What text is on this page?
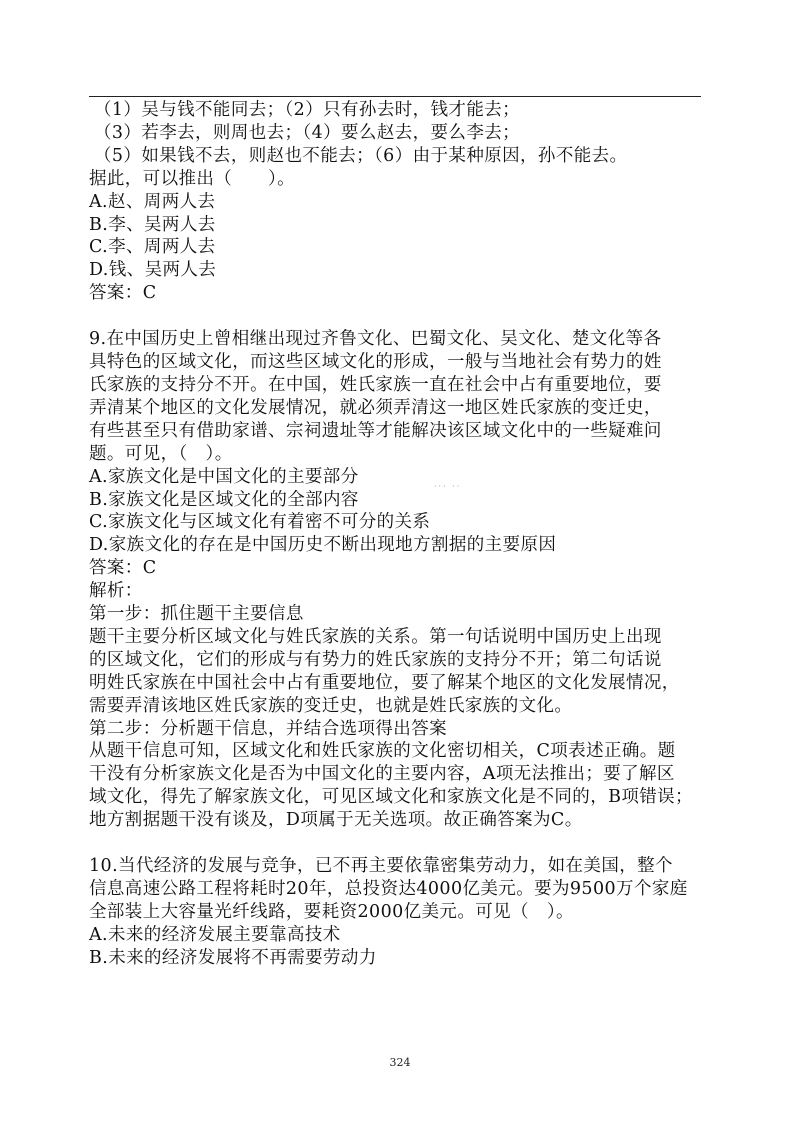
（1）吴与钱不能同去；（2）只有孙去时，钱才能去；
（3）若李去，则周也去；（4）要么赵去，要么李去；
（5）如果钱不去，则赵也不能去；（6）由于某种原因，孙不能去。
据此，可以推出（　　）。
A.赵、周两人去
B.李、吴两人去
C.李、周两人去
D.钱、吴两人去
答案：C
9.在中国历史上曾相继出现过齐鲁文化、巴蜀文化、吴文化、楚文化等各
具特色的区域文化，而这些区域文化的形成，一般与当地社会有势力的姓
氏家族的支持分不开。在中国，姓氏家族一直在社会中占有重要地位，要
弄清某个地区的文化发展情况，就必须弄清这一地区姓氏家族的变迁史，
有些甚至只有借助家谱、宗祠遗址等才能解决该区域文化中的一些疑难问
题。可见，（　）。
A.家族文化是中国文化的主要部分
B.家族文化是区域文化的全部内容
C.家族文化与区域文化有着密不可分的关系
D.家族文化的存在是中国历史不断出现地方割据的主要原因
答案：C
解析：
第一步：抓住题干主要信息
题干主要分析区域文化与姓氏家族的关系。第一句话说明中国历史上出现
的区域文化，它们的形成与有势力的姓氏家族的支持分不开；第二句话说
明姓氏家族在中国社会中占有重要地位，要了解某个地区的文化发展情况，
需要弄清该地区姓氏家族的变迁史，也就是姓氏家族的文化。
第二步：分析题干信息，并结合选项得出答案
从题干信息可知，区域文化和姓氏家族的文化密切相关，C项表述正确。题
干没有分析家族文化是否为中国文化的主要内容，A项无法推出；要了解区
域文化，得先了解家族文化，可见区域文化和家族文化是不同的，B项错误；
地方割据题干没有谈及，D项属于无关选项。故正确答案为C。
10.当代经济的发展与竞争，已不再主要依靠密集劳动力，如在美国，整个
信息高速公路工程将耗时20年，总投资达4000亿美元。要为9500万个家庭
全部装上大容量光纤线路，要耗资2000亿美元。可见（　）。
A.未来的经济发展主要靠高技术
B.未来的经济发展将不再需要劳动力
··· ··
324
